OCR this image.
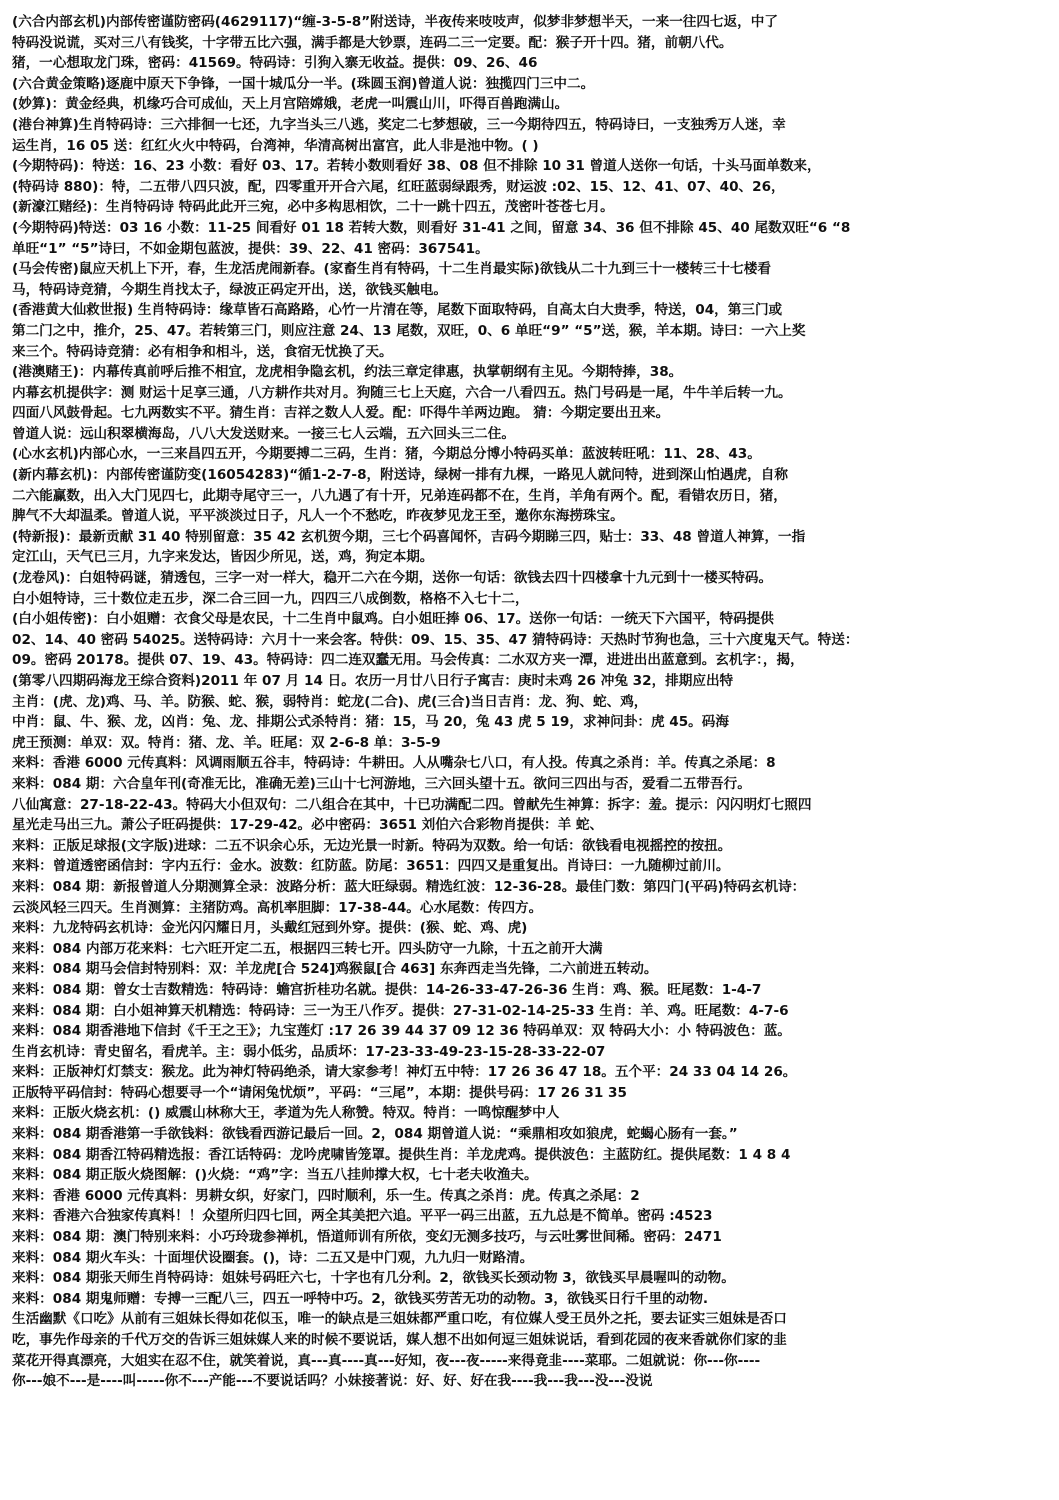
(六合内部玄机)内部传密谨防密码(4629117)“缠-3-5-8”附送诗，半夜传来吱吱声，似梦非梦想半天，一来一往四七返，中了
特码没说谎，买对三八有钱奖，十字带五比六强，满手都是大钞票，连码二三一定要。配：猴子开十四。猪，前朝八代。
猪，一心想取龙门珠，密码：41569。特码诗：引狗入寨无收益。提供：09、26、46
(六合黄金策略)逐鹿中原天下争锋，一国十城瓜分一半。(珠圆玉润)曾道人说：独揽四门三中二。
(妙算)：黄金经典，机缘巧合可成仙，天上月宫陪嫦娥，老虎一叫震山川，吓得百兽跑满山。
(港台神算)生肖特码诗：三六排徊一七还，九字当头三八逃，奖定二七梦想破，三一今期待四五，特码诗曰，一支独秀万人迷，幸
运生肖，16 05 送：红红火火中特码，台湾神，华清高树出富宫，此人非是池中物。( )
(今期特码)：特送：16、23 小数：看好 03、17。若转小数则看好 38、08 但不排除 10 31 曾道人送你一句话，十头马面单数来，
(特码诗 880)：特，二五带八四只波，配，四零重开开合六尾，红旺蓝弱绿跟秀，财运波 :02、15、12、41、07、40、26，
(新濠江赌经)：生肖特码诗 特码此此开三宛，必中多构思相饮，二十一跳十四五，茂密叶苍苍七月。
(今期特码)特送：03 16 小数：11-25 间看好 01 18 若转大数，则看好 31-41 之间，留意 34、36 但不排除 45、40 尾数双旺“6 “8
单旺“1” “5”诗曰，不如金期包蓝波，提供：39、22、41 密码：367541。
(马会传密)鼠应天机上下开，春，生龙活虎闹新春。(家畜生肖有特码，十二生肖最实际)欲钱从二十九到三十一楼转三十七楼看
马，特码诗竞猜，今期生肖找太子，绿波正码定开出，送，欲钱买触电。
(香港黄大仙救世报) 生肖特码诗：缘草皆石高路路，心竹一片清在等，尾数下面取特码，自高太白大贵季，特送，04，第三门或
第二门之中，推介，25、47。若转第三门，则应注意 24、13 尾数，双旺，0、6 单旺“9” “5”送，猴，羊本期。诗曰：一六上奖
来三个。特码诗竞猜：必有相争和相斗，送，食宿无忧换了天。
(港澳赌王)：内幕传真前呼后推不相宜，龙虎相争隐玄机，约法三章定律惠，执掌朝纲有主见。今期特捧，38。
内幕玄机提供字：测 财运十足享三通，八方耕作共对月。狗随三七上天庭，六合一八看四五。热门号码是一尾，牛牛羊后转一九。
四面八风鼓骨起。七九两数实不平。猜生肖：吉祥之数人人爱。配：吓得牛羊两边跑。 猜：今期定要出丑来。
曾道人说：远山积翠横海岛，八八大发送财来。一接三七人云端，五六回头三二住。
(心水玄机)内部心水，一三来昌四五开，今期要搏二三码，生肖：猪，今期总分博小特码买单：蓝波转旺吼：11、28、43。
(新内幕玄机)：内部传密谨防变(16054283)“循1-2-7-8，附送诗，绿树一排有九棵，一路见人就问特，进到深山怕遇虎，自称
二六能赢数，出入大门见四七，此期寺尾守三一，八九遇了有十开，兄弟连码都不在，生肖，羊角有两个。配，看错农历日，猪，
脾气不大却温柔。曾道人说，平平淡淡过日子，凡人一个不愁吃，昨夜梦见龙王至，邀你东海捞珠宝。
(特新报)：最新贡献 31 40 特别留意：35 42 玄机贺今期，三七个码喜闻怀，吉码今期睇三四，贴士：33、48 曾道人神算，一指
定江山，天气已三月，九字来发达，皆因少所见，送，鸡，狗定本期。
(龙卷风)：白姐特码谜，猜透包，三字一对一样大，稳开二六在今期，送你一句话：欲钱去四十四楼拿十九元到十一楼买特码。
白小姐特诗，三十数位走五步，深二合三回一九，四四三八成倒数，格格不入七十二，
(白小姐传密)：白小姐赠：衣食父母是农民，十二生肖中鼠鸡。白小姐旺捧 06、17。送你一句话：一统天下六国平，特码提供
02、14、40 密码 54025。送特码诗：六月十一来会客。特供：09、15、35、47 猜特码诗：天热时节狗也急，三十六度鬼天气。特送：
09。密码 20178。提供 07、19、43。特码诗：四二连双蠢无用。马会传真：二水双方夹一潭，进进出出蓝意到。玄机字：，揭，
(第零八四期码海龙王综合资料)2011 年 07 月 14 日。农历一月廿八日行子寓吉：庚时未鸡 26 冲兔 32，排期应出特
主肖：(虎、龙)鸡、马、羊。防猴、蛇、猴，弱特肖：蛇龙(二合)、虎(三合)当日吉肖：龙、狗、蛇、鸡，
中肖：鼠、牛、猴、龙，凶肖：兔、龙、排期公式杀特肖：猪：15，马 20，兔 43 虎 5 19，求神问卦：虎 45。码海
虎王预测：单双：双。特肖：猪、龙、羊。旺尾：双 2-6-8 单：3-5-9
来料：香港 6000 元传真料：风调雨顺五谷丰，特码诗：牛耕田。人从嘴杂七八口，有人投。传真之杀肖：羊。传真之杀尾：8
来料：084 期：六合皇年刊(奇准无比，准确无差)三山十七河游地，三六回头望十五。欲问三四出与否，爱看二五带吾行。
八仙寓意：27-18-22-43。特码大小但双句：二八组合在其中，十已功满配二四。曾献先生神算：拆字：羞。提示：闪闪明灯七照四
星光走马出三九。萧公子旺码提供：17-29-42。必中密码：3651 刘伯六合彩物肖提供：羊 蛇、
来料：正版足球报(文字版)进球：二五不识余心乐，无边光景一时新。特码为双数。给一句话：欲钱看电视摇控的按扭。
来料：曾道透密函信封：字内五行：金水。波数：红防蓝。防尾：3651：四四又是重复出。肖诗曰：一九随柳过前川。
来料：084 期：新报曾道人分期测算全录：波路分析：蓝大旺绿弱。精选红波：12-36-28。最佳门数：第四门(平码)特码玄机诗：
云淡风轻三四天。生肖测算：主猪防鸡。高机率胆脚：17-38-44。心水尾数：传四方。
来料：九龙特码玄机诗：金光闪闪耀日月，头戴红冠到外穿。提供：(猴、蛇、鸡、虎)
来料：084 内部万花来料：七六旺开定二五，根据四三转七开。四头防守一九除，十五之前开大满
来料：084 期马会信封特别料：双：羊龙虎[合 524]鸡猴鼠[合 463] 东奔西走当先锋，二六前进五转动。
来料：084 期：曾女士吉数精选：特码诗：蟾宫折桂功名就。提供：14-26-33-47-26-36 生肖：鸡、猴。旺尾数：1-4-7
来料：084 期：白小姐神算天机精选：特码诗：三一为王八作歹。提供：27-31-02-14-25-33 生肖：羊、鸡。旺尾数：4-7-6
来料：084 期香港地下信封《千王之王》；九宝莲灯 :17 26 39 44 37 09 12 36 特码单双：双 特码大小：小 特码波色：蓝。
生肖玄机诗：青史留名，看虎羊。主：弱小低劣，品质坏：17-23-33-49-23-15-28-33-22-07
来料：正版神灯灯禁支：猴龙。此为神灯特码绝杀，请大家参考！神灯五中特：17 26 36 47 18。五个平：24 33 04 14 26。
正版特平码信封：特码心想要寻一个“请闲兔忧烦”，平码：“三尾”，本期：提供号码：17 26 31 35
来料：正版火烧玄机：() 威震山林称大王，孝道为先人称赞。特双。特肖：一鸣惊醒梦中人
来料：084 期香港第一手欲钱料：欲钱看西游记最后一回。2，084 期曾道人说：“乘鼎相攻如狼虎，蛇蝎心肠有一套。”
来料：084 期香江特码精选报：香江话特码：龙吟虎啸皆笼罩。提供生肖：羊龙虎鸡。提供波色：主蓝防红。提供尾数：1 4 8 4
来料：084 期正版火烧图解：()火烧：“鸡”字：当五八挂帅撑大权，七十老夫收渔夫。
来料：香港 6000 元传真料：男耕女织，好家门，四时顺利，乐一生。传真之杀肖：虎。传真之杀尾：2
来料：香港六合独家传真料！！众望所归四七回，两全其美把六追。平平一码三出蓝，五九总是不简单。密码 :4523
来料：084 期：澳门特别来料：小巧玲珑参禅机，悟道师训有所依，变幻无测多技巧，与云吐雾世间稀。密码：2471
来料：084 期火车头：十面埋伏设圈套。()，诗：二五又是中门观，九九归一财路清。
来料：084 期张天师生肖特码诗：姐妹号码旺六七，十字也有几分利。2，欲钱买长颈动物 3，欲钱买早晨喔叫的动物。
来料：084 期鬼师赠：专搏一三配八三，四五一呼特中巧。2，欲钱买劳苦无功的动物。3，欲钱买日行千里的动物.
生活幽默《口吃》从前有三姐妹长得如花似玉，唯一的缺点是三姐妹都严重口吃，有位媒人受王员外之托，要去证实三姐妹是否口
吃，事先作母亲的千代万交的告诉三姐妹媒人来的时候不要说话，媒人想不出如何逗三姐妹说话，看到花园的夜来香就你们家的韭
菜花开得真漂亮，大姐实在忍不住，就笑着说，真---真----真---好知，夜---夜-----来得竟韭----菜耶。二姐就说：你---你----
你---娘不---是----叫-----你不---产能---不要说话吗？小妹接著说：好、好、好在我----我---我---没---没说
